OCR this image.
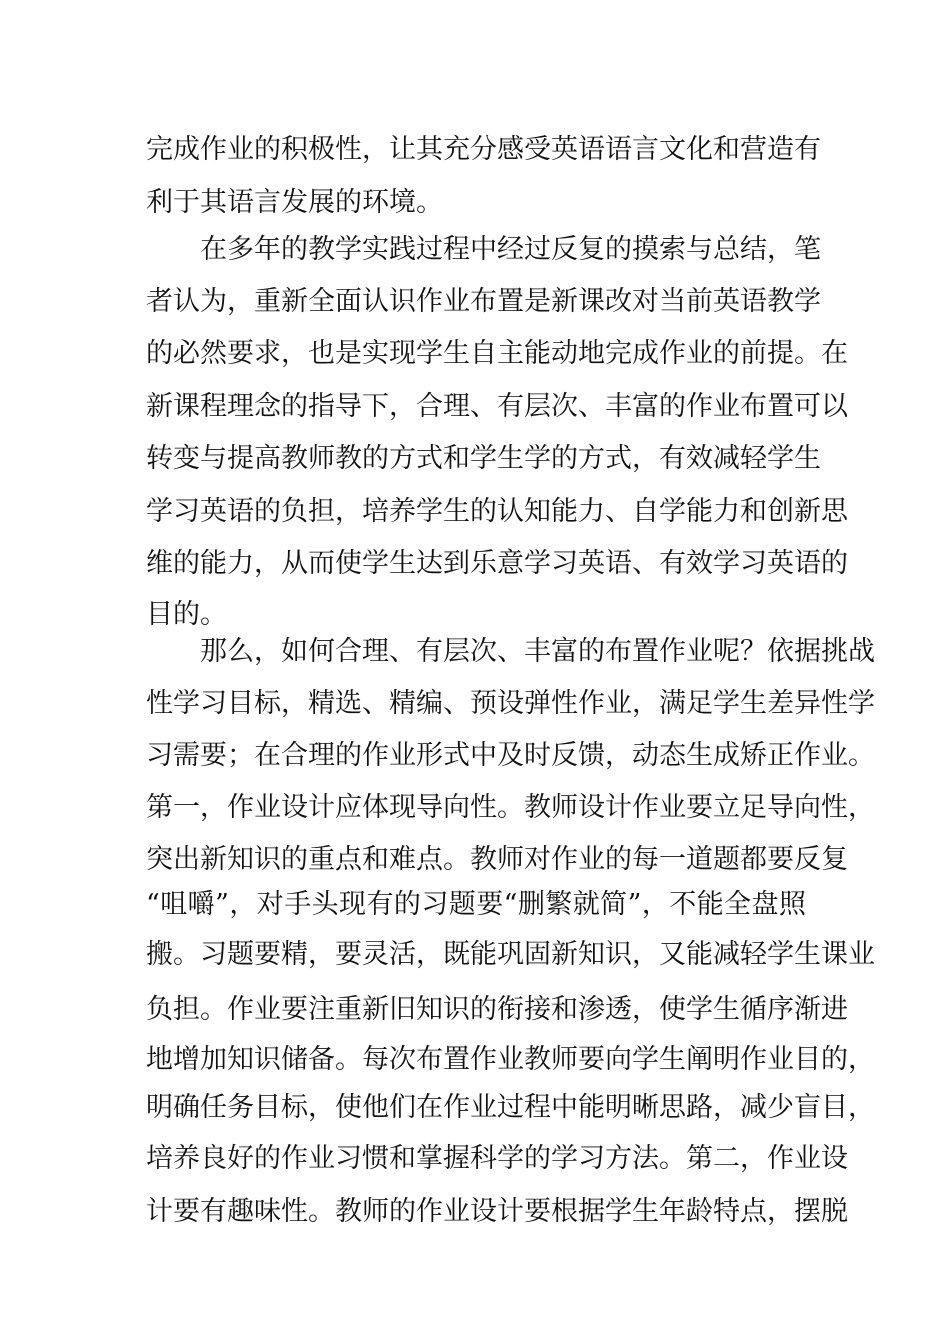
完成作业的积极性，让其充分感受英语语言文化和营造有
利于其语言发展的环境。
在多年的教学实践过程中经过反复的摸索与总结，笔
者认为，重新全面认识作业布置是新课改对当前英语教学
的必然要求，也是实现学生自主能动地完成作业的前提。在
新课程理念的指导下，合理、有层次、丰富的作业布置可以
转变与提高教师教的方式和学生学的方式，有效减轻学生
学习英语的负担，培养学生的认知能力、自学能力和创新思
维的能力，从而使学生达到乐意学习英语、有效学习英语的
目的。
那么，如何合理、有层次、丰富的布置作业呢？依据挑战
性学习目标，精选、精编、预设弹性作业，满足学生差异性学
习需要；在合理的作业形式中及时反馈，动态生成矫正作业。
第一，作业设计应体现导向性。教师设计作业要立足导向性，
突出新知识的重点和难点。教师对作业的每一道题都要反复
“咀嚼”，对手头现有的习题要“删繁就简”，不能全盘照
搬。习题要精，要灵活，既能巩固新知识，又能减轻学生课业
负担。作业要注重新旧知识的衔接和渗透，使学生循序渐进
地增加知识储备。每次布置作业教师要向学生阐明作业目的，
明确任务目标，使他们在作业过程中能明晰思路，减少盲目，
培养良好的作业习惯和掌握科学的学习方法。第二，作业设
计要有趣味性。教师的作业设计要根据学生年龄特点，摆脱
